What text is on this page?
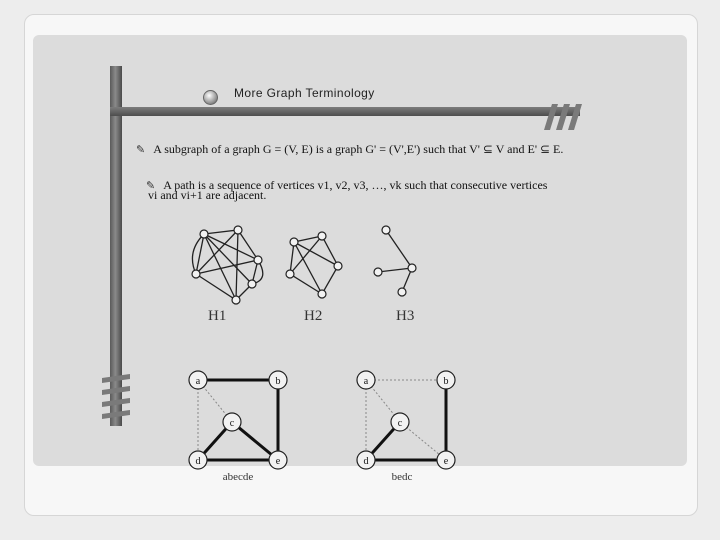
More Graph Terminology
✎ A subgraph of a graph G = (V, E) is a graph G' = (V',E') such that V' ⊆ V and E' ⊆ E.
✎ A path is a sequence of vertices v1, v2, v3, …, vk such that consecutive vertices
vi and vi+1 are adjacent.
H1	H2	H3
a	b
c
d	e
a	b
c
d	e
abecde	bedc
